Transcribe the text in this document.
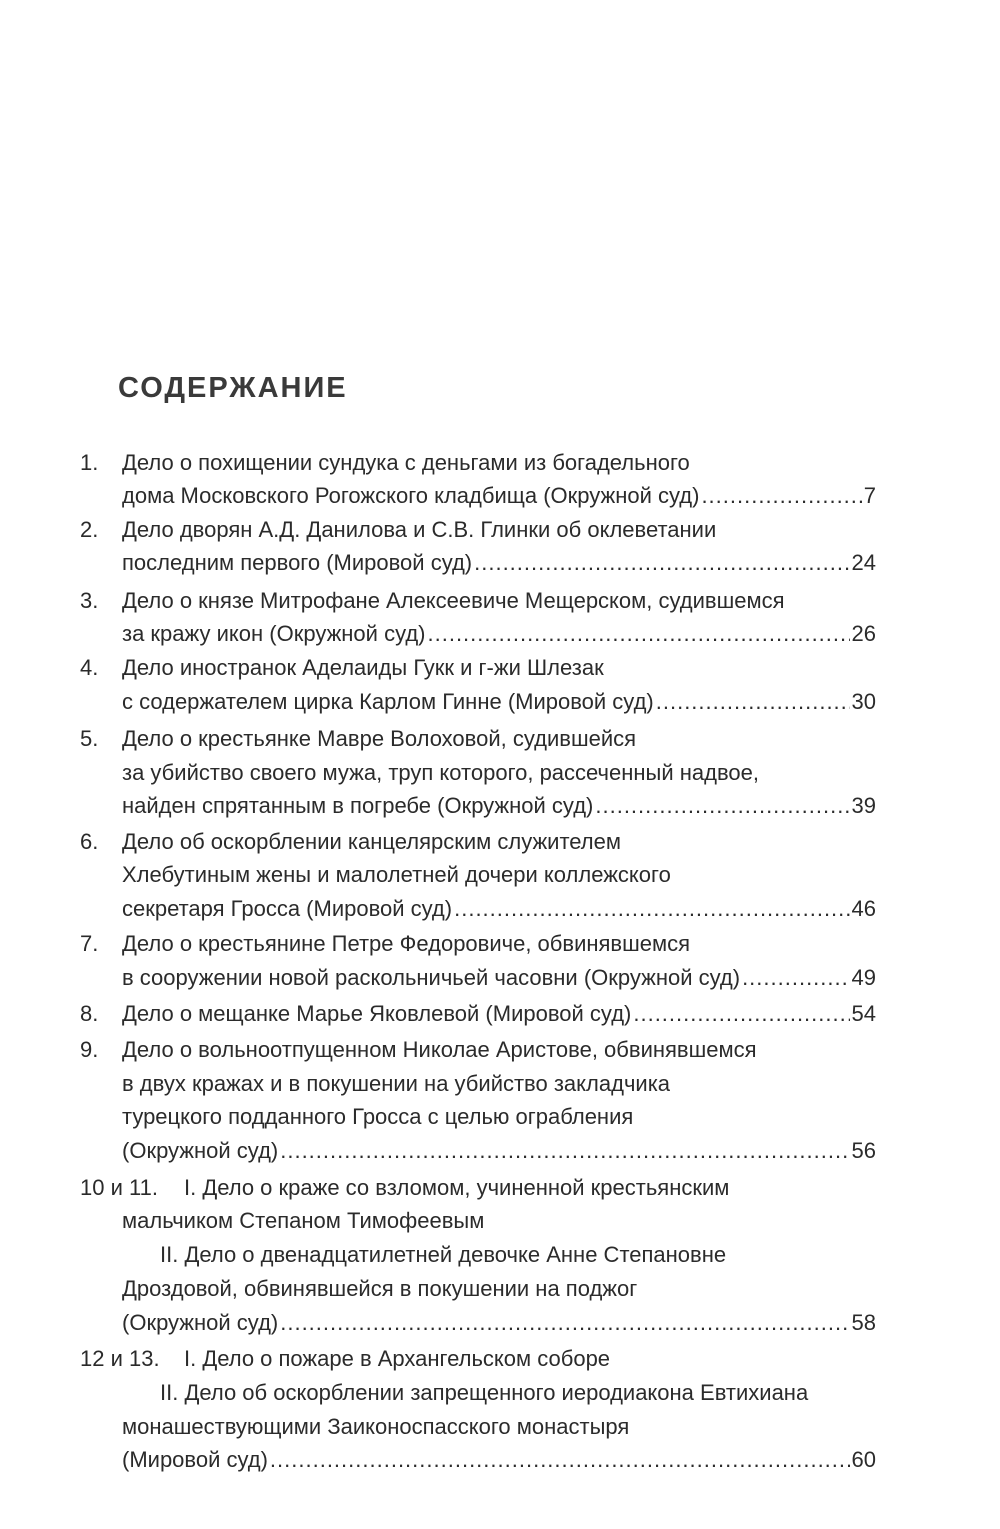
СОДЕРЖАНИЕ
1. Дело о похищении сундука с деньгами из богадельного
дома Московского Рогожского кладбища (Окружной суд) .....	7
2. Дело дворян А.Д. Данилова и С.В. Глинки об оклеветании
последним первого (Мировой суд) .....	24
3. Дело о князе Митрофане Алексеевиче Мещерском, судившемся
за кражу икон (Окружной суд) .....	26
4. Дело иностранок Аделаиды Гукк и г-жи Шлезак
с содержателем цирка Карлом Гинне (Мировой суд) .....	30
5. Дело о крестьянке Мавре Волоховой, судившейся
за убийство своего мужа, труп которого, рассеченный надвое,
найден спрятанным в погребе (Окружной суд) .....	39
6. Дело об оскорблении канцелярским служителем
Хлебутиным жены и малолетней дочери коллежского
секретаря Гросса (Мировой суд) .....	46
7. Дело о крестьянине Петре Федоровиче, обвинявшемся
в сооружении новой раскольничьей часовни (Окружной суд) .....	49
8. Дело о мещанке Марье Яковлевой (Мировой суд) .....	54
9. Дело о вольноотпущенном Николае Аристове, обвинявшемся
в двух кражах и в покушении на убийство закладчика
турецкого подданного Гросса с целью ограбления
(Окружной суд) .....	56
10 и 11. I. Дело о краже со взломом, учиненной крестьянским
мальчиком Степаном Тимофеевым
II. Дело о двенадцатилетней девочке Анне Степановне
Дроздовой, обвинявшейся в покушении на поджог
(Окружной суд) .....	58
12 и 13. I. Дело о пожаре в Архангельском соборе
II. Дело об оскорблении запрещенного иеродиакона Евтихиана
монашествующими Заиконоспасского монастыря
(Мировой суд) .....	60
